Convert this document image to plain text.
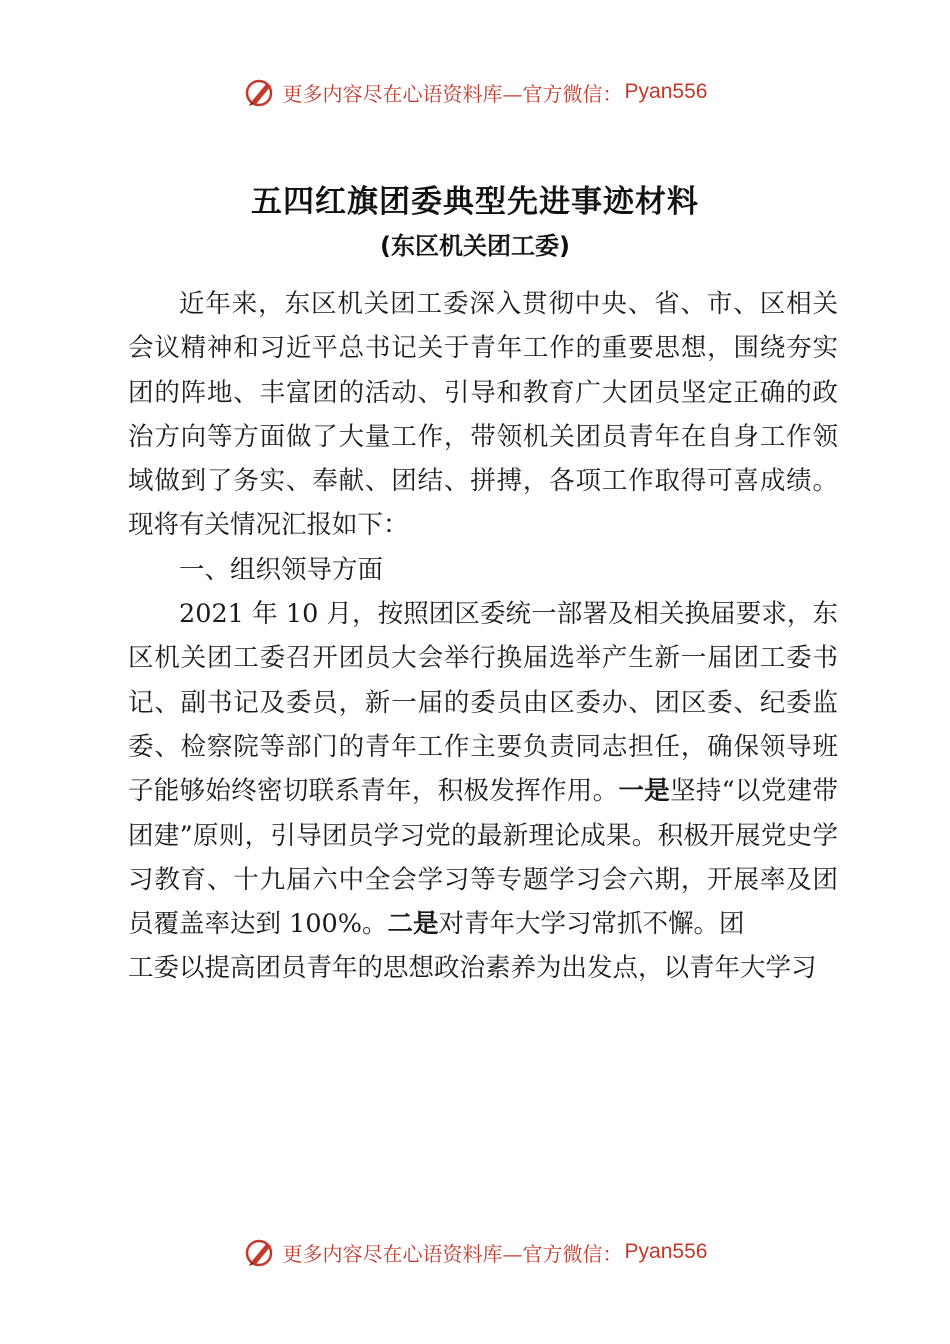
更多内容尽在心语资料库—官方微信： Pyan556
五四红旗团委典型先进事迹材料
(东区机关团工委)

近年来，东区机关团工委深入贯彻中央、省、市、区相关会议精神和习近平总书记关于青年工作的重要思想，围绕夯实团的阵地、丰富团的活动、引导和教育广大团员坚定正确的政治方向等方面做了大量工作，带领机关团员青年在自身工作领域做到了务实、奉献、团结、拼搏，各项工作取得可喜成绩。现将有关情况汇报如下：

一、组织领导方面

2021 年 10 月，按照团区委统一部署及相关换届要求，东区机关团工委召开团员大会举行换届选举产生新一届团工委书记、副书记及委员，新一届的委员由区委办、团区委、纪委监委、检察院等部门的青年工作主要负责同志担任，确保领导班子能够始终密切联系青年，积极发挥作用。一是坚持“以党建带团建”原则，引导团员学习党的最新理论成果。积极开展党史学习教育、十九届六中全会学习等专题学习会六期，开展率及团员覆盖率达到 100%。二是对青年大学习常抓不懈。团

工委以提高团员青年的思想政治素养为出发点，以青年大学习

更多内容尽在心语资料库—官方微信： Pyan556
